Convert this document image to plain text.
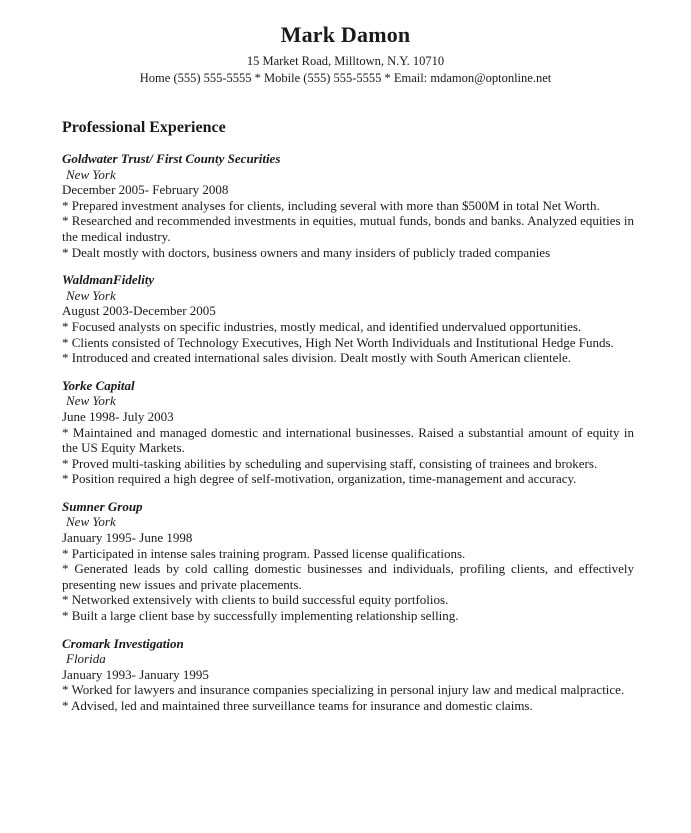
Mark Damon
15 Market Road, Milltown, N.Y. 10710
Home (555) 555-5555 * Mobile (555) 555-5555 * Email: mdamon@optonline.net
Professional Experience
Goldwater Trust/ First County Securities
New York
December 2005- February 2008
* Prepared investment analyses for clients, including several with more than $500M in total Net Worth.
* Researched and recommended investments in equities, mutual funds, bonds and banks. Analyzed equities in the medical industry.
* Dealt mostly with doctors, business owners and many insiders of publicly traded companies
WaldmanFidelity
New York
August 2003-December 2005
* Focused analysts on specific industries, mostly medical, and identified undervalued opportunities.
* Clients consisted of Technology Executives, High Net Worth Individuals and Institutional Hedge Funds.
* Introduced and created international sales division. Dealt mostly with South American clientele.
Yorke Capital
New York
June 1998- July 2003
* Maintained and managed domestic and international businesses. Raised a substantial amount of equity in the US Equity Markets.
* Proved multi-tasking abilities by scheduling and supervising staff, consisting of trainees and brokers.
* Position required a high degree of self-motivation, organization, time-management and accuracy.
Sumner Group
New York
January 1995- June 1998
* Participated in intense sales training program. Passed license qualifications.
* Generated leads by cold calling domestic businesses and individuals, profiling clients, and effectively presenting new issues and private placements.
* Networked extensively with clients to build successful equity portfolios.
* Built a large client base by successfully implementing relationship selling.
Cromark Investigation
Florida
January 1993- January 1995
* Worked for lawyers and insurance companies specializing in personal injury law and medical malpractice.
* Advised, led and maintained three surveillance teams for insurance and domestic claims.
